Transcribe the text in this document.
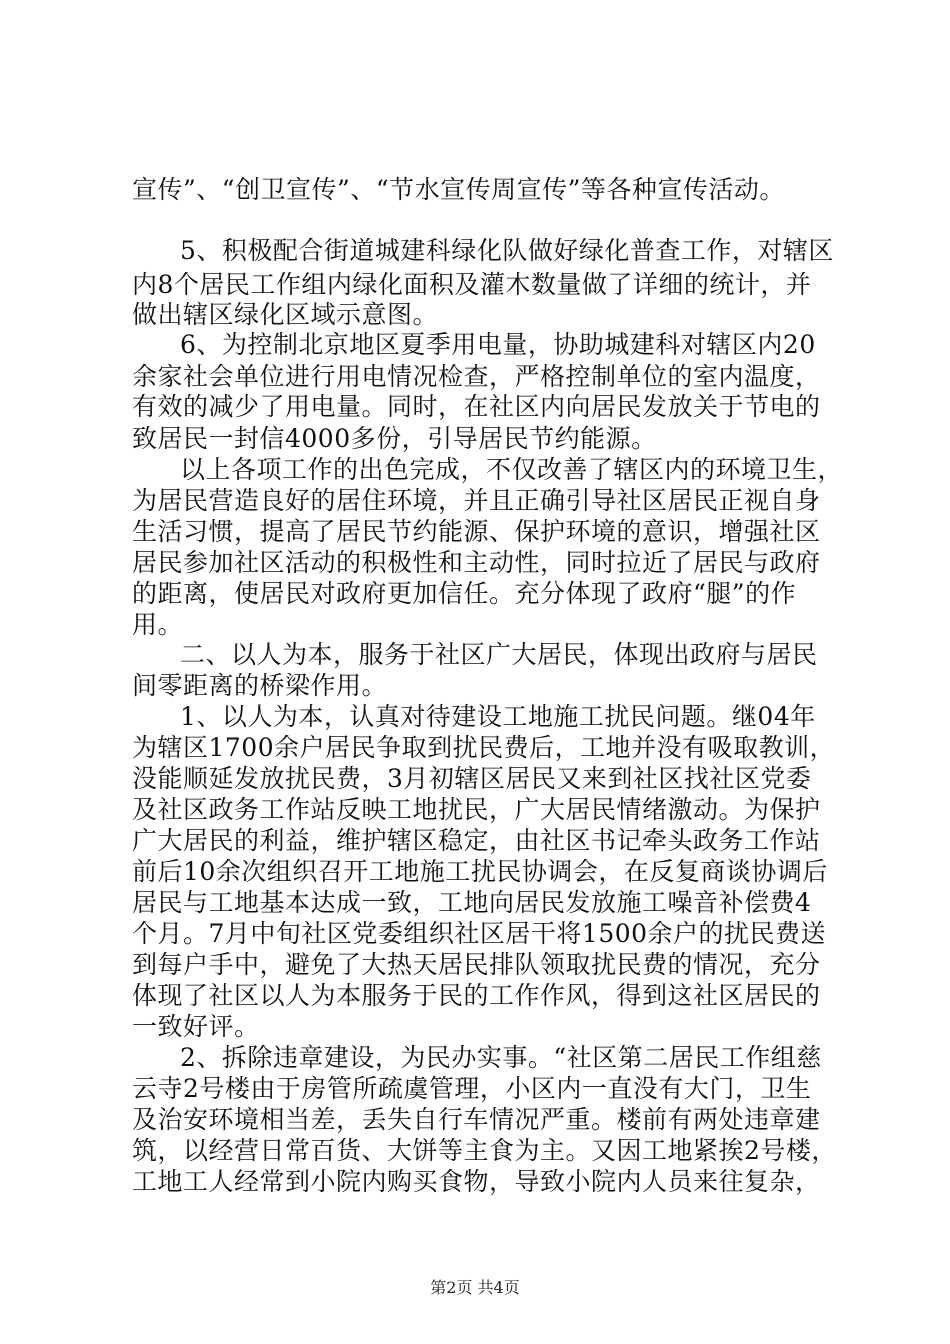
宣传”、“创卫宣传”、“节水宣传周宣传”等各种宣传活动。
5、积极配合街道城建科绿化队做好绿化普查工作，对辖区
内8个居民工作组内绿化面积及灌木数量做了详细的统计，并
做出辖区绿化区域示意图。
6、为控制北京地区夏季用电量，协助城建科对辖区内20
余家社会单位进行用电情况检查，严格控制单位的室内温度，
有效的减少了用电量。同时，在社区内向居民发放关于节电的
致居民一封信4000多份，引导居民节约能源。
以上各项工作的出色完成，不仅改善了辖区内的环境卫生，
为居民营造良好的居住环境，并且正确引导社区居民正视自身
生活习惯，提高了居民节约能源、保护环境的意识，增强社区
居民参加社区活动的积极性和主动性，同时拉近了居民与政府
的距离，使居民对政府更加信任。充分体现了政府“腿”的作
用。
二、以人为本，服务于社区广大居民，体现出政府与居民
间零距离的桥梁作用。
1、以人为本，认真对待建设工地施工扰民问题。继04年
为辖区1700余户居民争取到扰民费后，工地并没有吸取教训，
没能顺延发放扰民费，3月初辖区居民又来到社区找社区党委
及社区政务工作站反映工地扰民，广大居民情绪激动。为保护
广大居民的利益，维护辖区稳定，由社区书记牵头政务工作站
前后10余次组织召开工地施工扰民协调会，在反复商谈协调后
居民与工地基本达成一致，工地向居民发放施工噪音补偿费4
个月。7月中旬社区党委组织社区居干将1500余户的扰民费送
到每户手中，避免了大热天居民排队领取扰民费的情况，充分
体现了社区以人为本服务于民的工作作风，得到这社区居民的
一致好评。
2、拆除违章建设，为民办实事。“社区第二居民工作组慈
云寺2号楼由于房管所疏虞管理，小区内一直没有大门，卫生
及治安环境相当差，丢失自行车情况严重。楼前有两处违章建
筑，以经营日常百货、大饼等主食为主。又因工地紧挨2号楼，
工地工人经常到小院内购买食物，导致小院内人员来往复杂，
第2页 共4页
